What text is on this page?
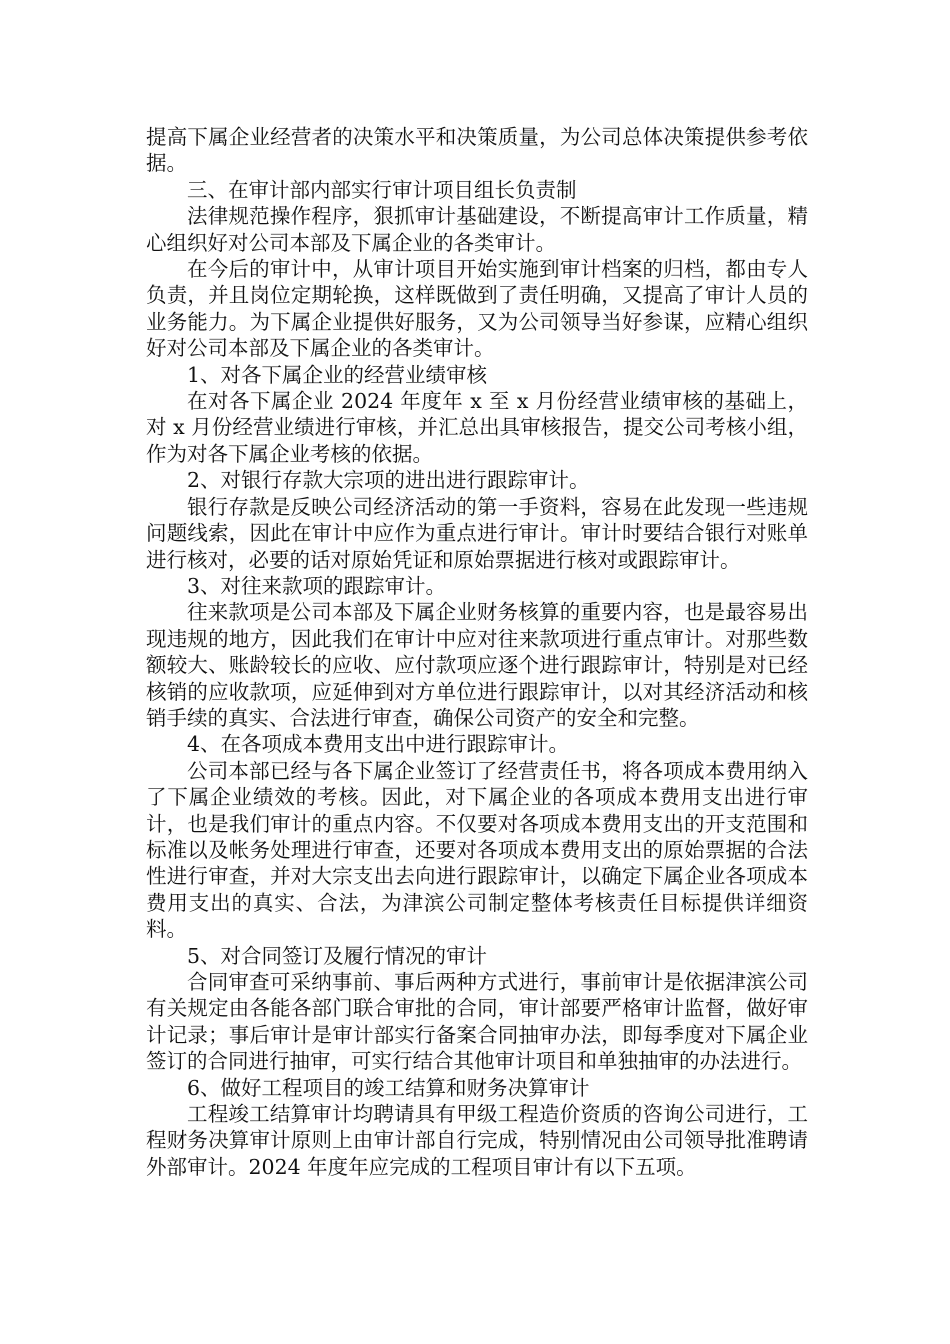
提高下属企业经营者的决策水平和决策质量，为公司总体决策提供参考依据。

三、在审计部内部实行审计项目组长负责制

法律规范操作程序，狠抓审计基础建设，不断提高审计工作质量，精心组织好对公司本部及下属企业的各类审计。

在今后的审计中，从审计项目开始实施到审计档案的归档，都由专人负责，并且岗位定期轮换，这样既做到了责任明确，又提高了审计人员的业务能力。为下属企业提供好服务，又为公司领导当好参谋，应精心组织好对公司本部及下属企业的各类审计。

1、对各下属企业的经营业绩审核

在对各下属企业 2024 年度年 x 至 x 月份经营业绩审核的基础上，对 x 月份经营业绩进行审核，并汇总出具审核报告，提交公司考核小组，作为对各下属企业考核的依据。

2、对银行存款大宗项的进出进行跟踪审计。

银行存款是反映公司经济活动的第一手资料，容易在此发现一些违规问题线索，因此在审计中应作为重点进行审计。审计时要结合银行对账单进行核对，必要的话对原始凭证和原始票据进行核对或跟踪审计。

3、对往来款项的跟踪审计。

往来款项是公司本部及下属企业财务核算的重要内容，也是最容易出现违规的地方，因此我们在审计中应对往来款项进行重点审计。对那些数额较大、账龄较长的应收、应付款项应逐个进行跟踪审计，特别是对已经核销的应收款项，应延伸到对方单位进行跟踪审计，以对其经济活动和核销手续的真实、合法进行审查，确保公司资产的安全和完整。

4、在各项成本费用支出中进行跟踪审计。

公司本部已经与各下属企业签订了经营责任书，将各项成本费用纳入了下属企业绩效的考核。因此，对下属企业的各项成本费用支出进行审计，也是我们审计的重点内容。不仅要对各项成本费用支出的开支范围和标准以及帐务处理进行审查，还要对各项成本费用支出的原始票据的合法性进行审查，并对大宗支出去向进行跟踪审计，以确定下属企业各项成本费用支出的真实、合法，为津滨公司制定整体考核责任目标提供详细资料。

5、对合同签订及履行情况的审计

合同审查可采纳事前、事后两种方式进行，事前审计是依据津滨公司有关规定由各能各部门联合审批的合同，审计部要严格审计监督，做好审计记录；事后审计是审计部实行备案合同抽审办法，即每季度对下属企业签订的合同进行抽审，可实行结合其他审计项目和单独抽审的办法进行。

6、做好工程项目的竣工结算和财务决算审计

工程竣工结算审计均聘请具有甲级工程造价资质的咨询公司进行，工程财务决算审计原则上由审计部自行完成，特别情况由公司领导批准聘请外部审计。2024 年度年应完成的工程项目审计有以下五项。
